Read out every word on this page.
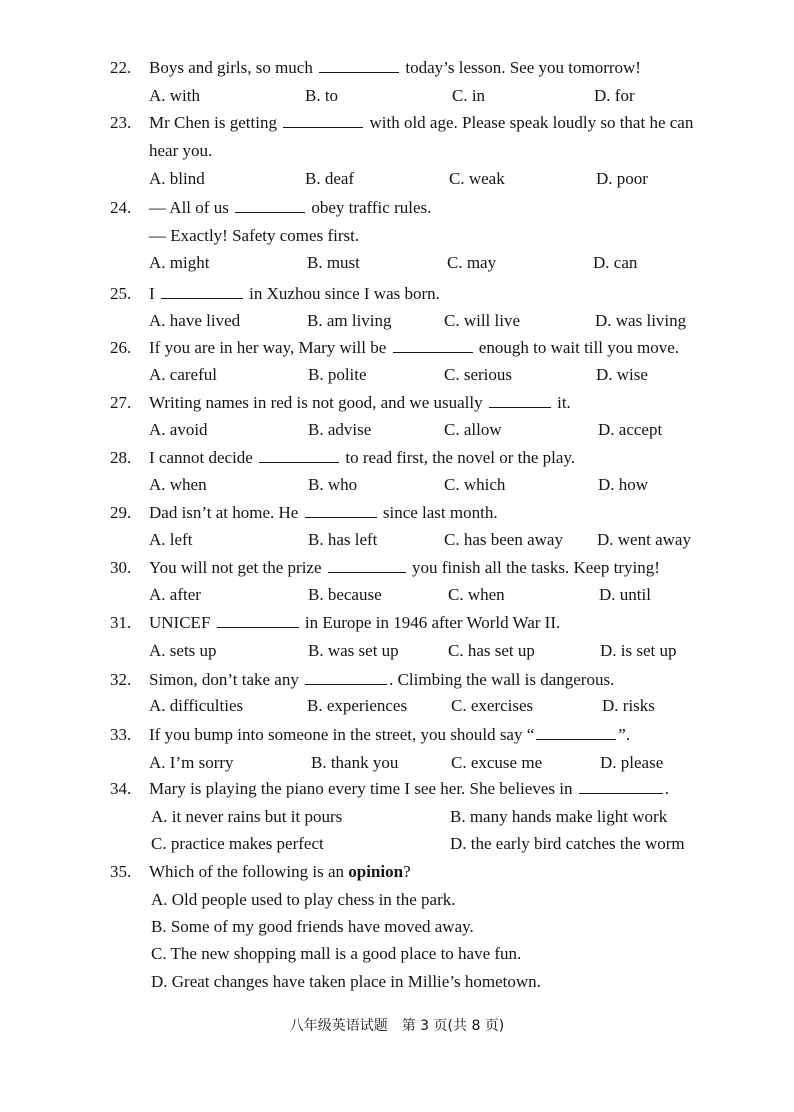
22.	Boys and girls, so much	today’s lesson. See you tomorrow!
A. with	B. to	C. in	D. for
23.	Mr Chen is getting	with old age. Please speak loudly so that he can
hear you.
A. blind	B. deaf	C. weak	D. poor
24.	— All of us	obey traffic rules.
— Exactly! Safety comes first.
A. might	B. must	C. may	D. can
25.	I	in Xuzhou since I was born.
A. have lived	B. am living	C. will live	D. was living
26.	If you are in her way, Mary will be	enough to wait till you move.
A. careful	B. polite	C. serious	D. wise
27.	Writing names in red is not good, and we usually	it.
A. avoid	B. advise	C. allow	D. accept
28.	I cannot decide	to read first, the novel or the play.
A. when	B. who	C. which	D. how
29.	Dad isn’t at home. He	since last month.
A. left	B. has left	C. has been away D. went away
30.	You will not get the prize	you finish all the tasks. Keep trying!
A. after	B. because	C. when	D. until
31.	UNICEF	in Europe in 1946 after World War II.
A. sets up	B. was set up	C. has set up	D. is set up
32.	Simon, don’t take any	. Climbing the wall is dangerous.
A. difficulties	B. experiences	C. exercises	D. risks
33.	If you bump into someone in the street, you should say “	”.
A. I’m sorry	B. thank you	C. excuse me	D. please
34.	Mary is playing the piano every time I see her. She believes in	.
A. it never rains but it pours	B. many hands make light work
C. practice makes perfect	D. the early bird catches the worm
35.	Which of the following is an opinion?
A. Old people used to play chess in the park.
B. Some of my good friends have moved away.
C. The new shopping mall is a good place to have fun.
D. Great changes have taken place in Millie’s hometown.
八年级英语试题　第 3 页(共 8 页)
